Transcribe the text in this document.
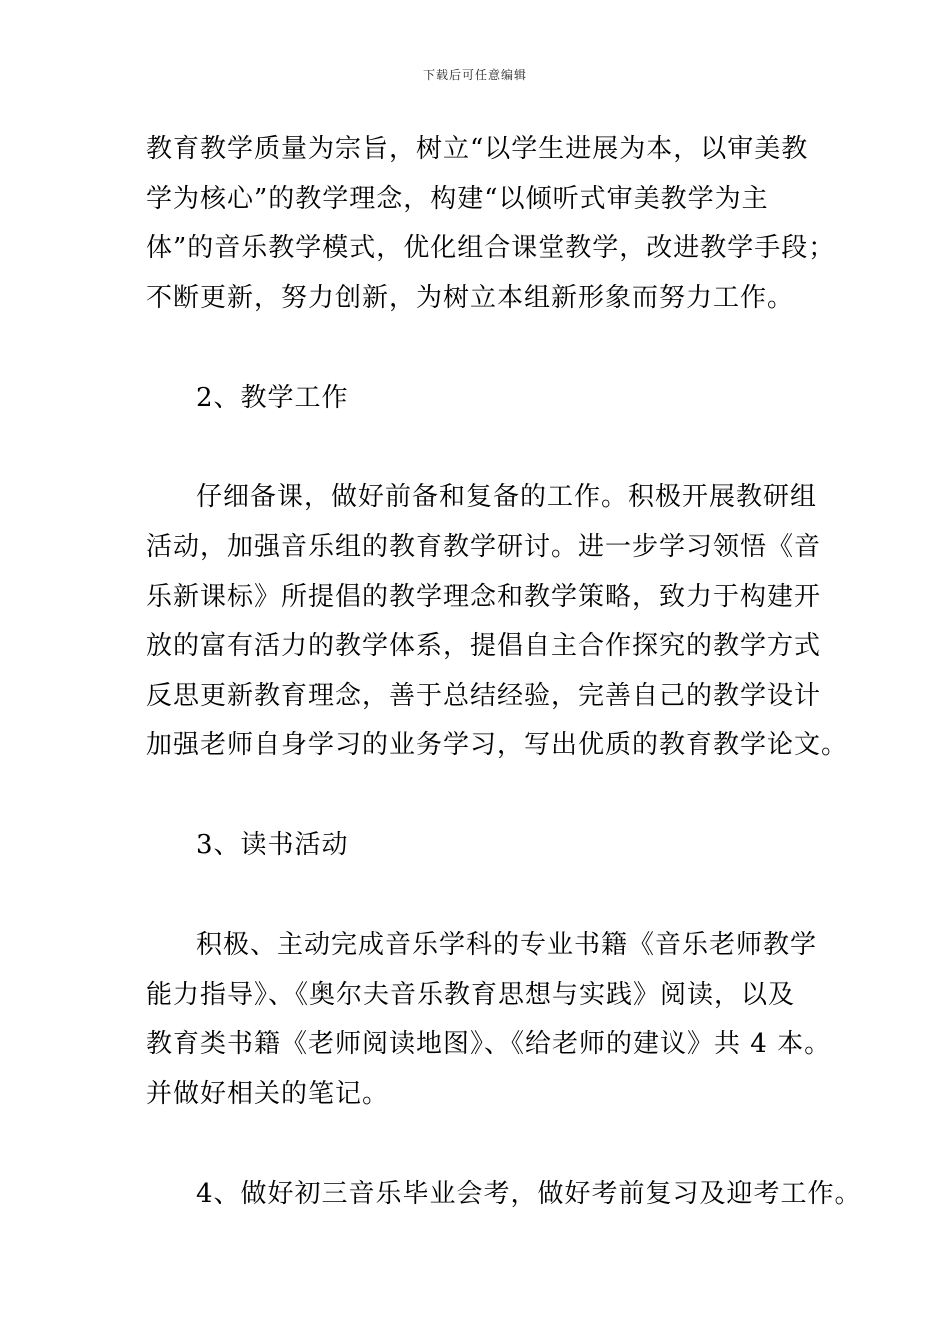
下载后可任意编辑
教育教学质量为宗旨，树立“以学生进展为本，以审美教
学为核心”的教学理念，构建“以倾听式审美教学为主
体”的音乐教学模式，优化组合课堂教学，改进教学手段；
不断更新，努力创新，为树立本组新形象而努力工作。
2、教学工作
仔细备课，做好前备和复备的工作。积极开展教研组
活动，加强音乐组的教育教学研讨。进一步学习领悟《音
乐新课标》所提倡的教学理念和教学策略，致力于构建开
放的富有活力的教学体系，提倡自主合作探究的教学方式
反思更新教育理念，善于总结经验，完善自己的教学设计
加强老师自身学习的业务学习，写出优质的教育教学论文。
3、读书活动
积极、主动完成音乐学科的专业书籍《音乐老师教学
能力指导》、《奥尔夫音乐教育思想与实践》阅读，以及
教育类书籍《老师阅读地图》、《给老师的建议》共 4 本。
并做好相关的笔记。
4、做好初三音乐毕业会考，做好考前复习及迎考工作。
